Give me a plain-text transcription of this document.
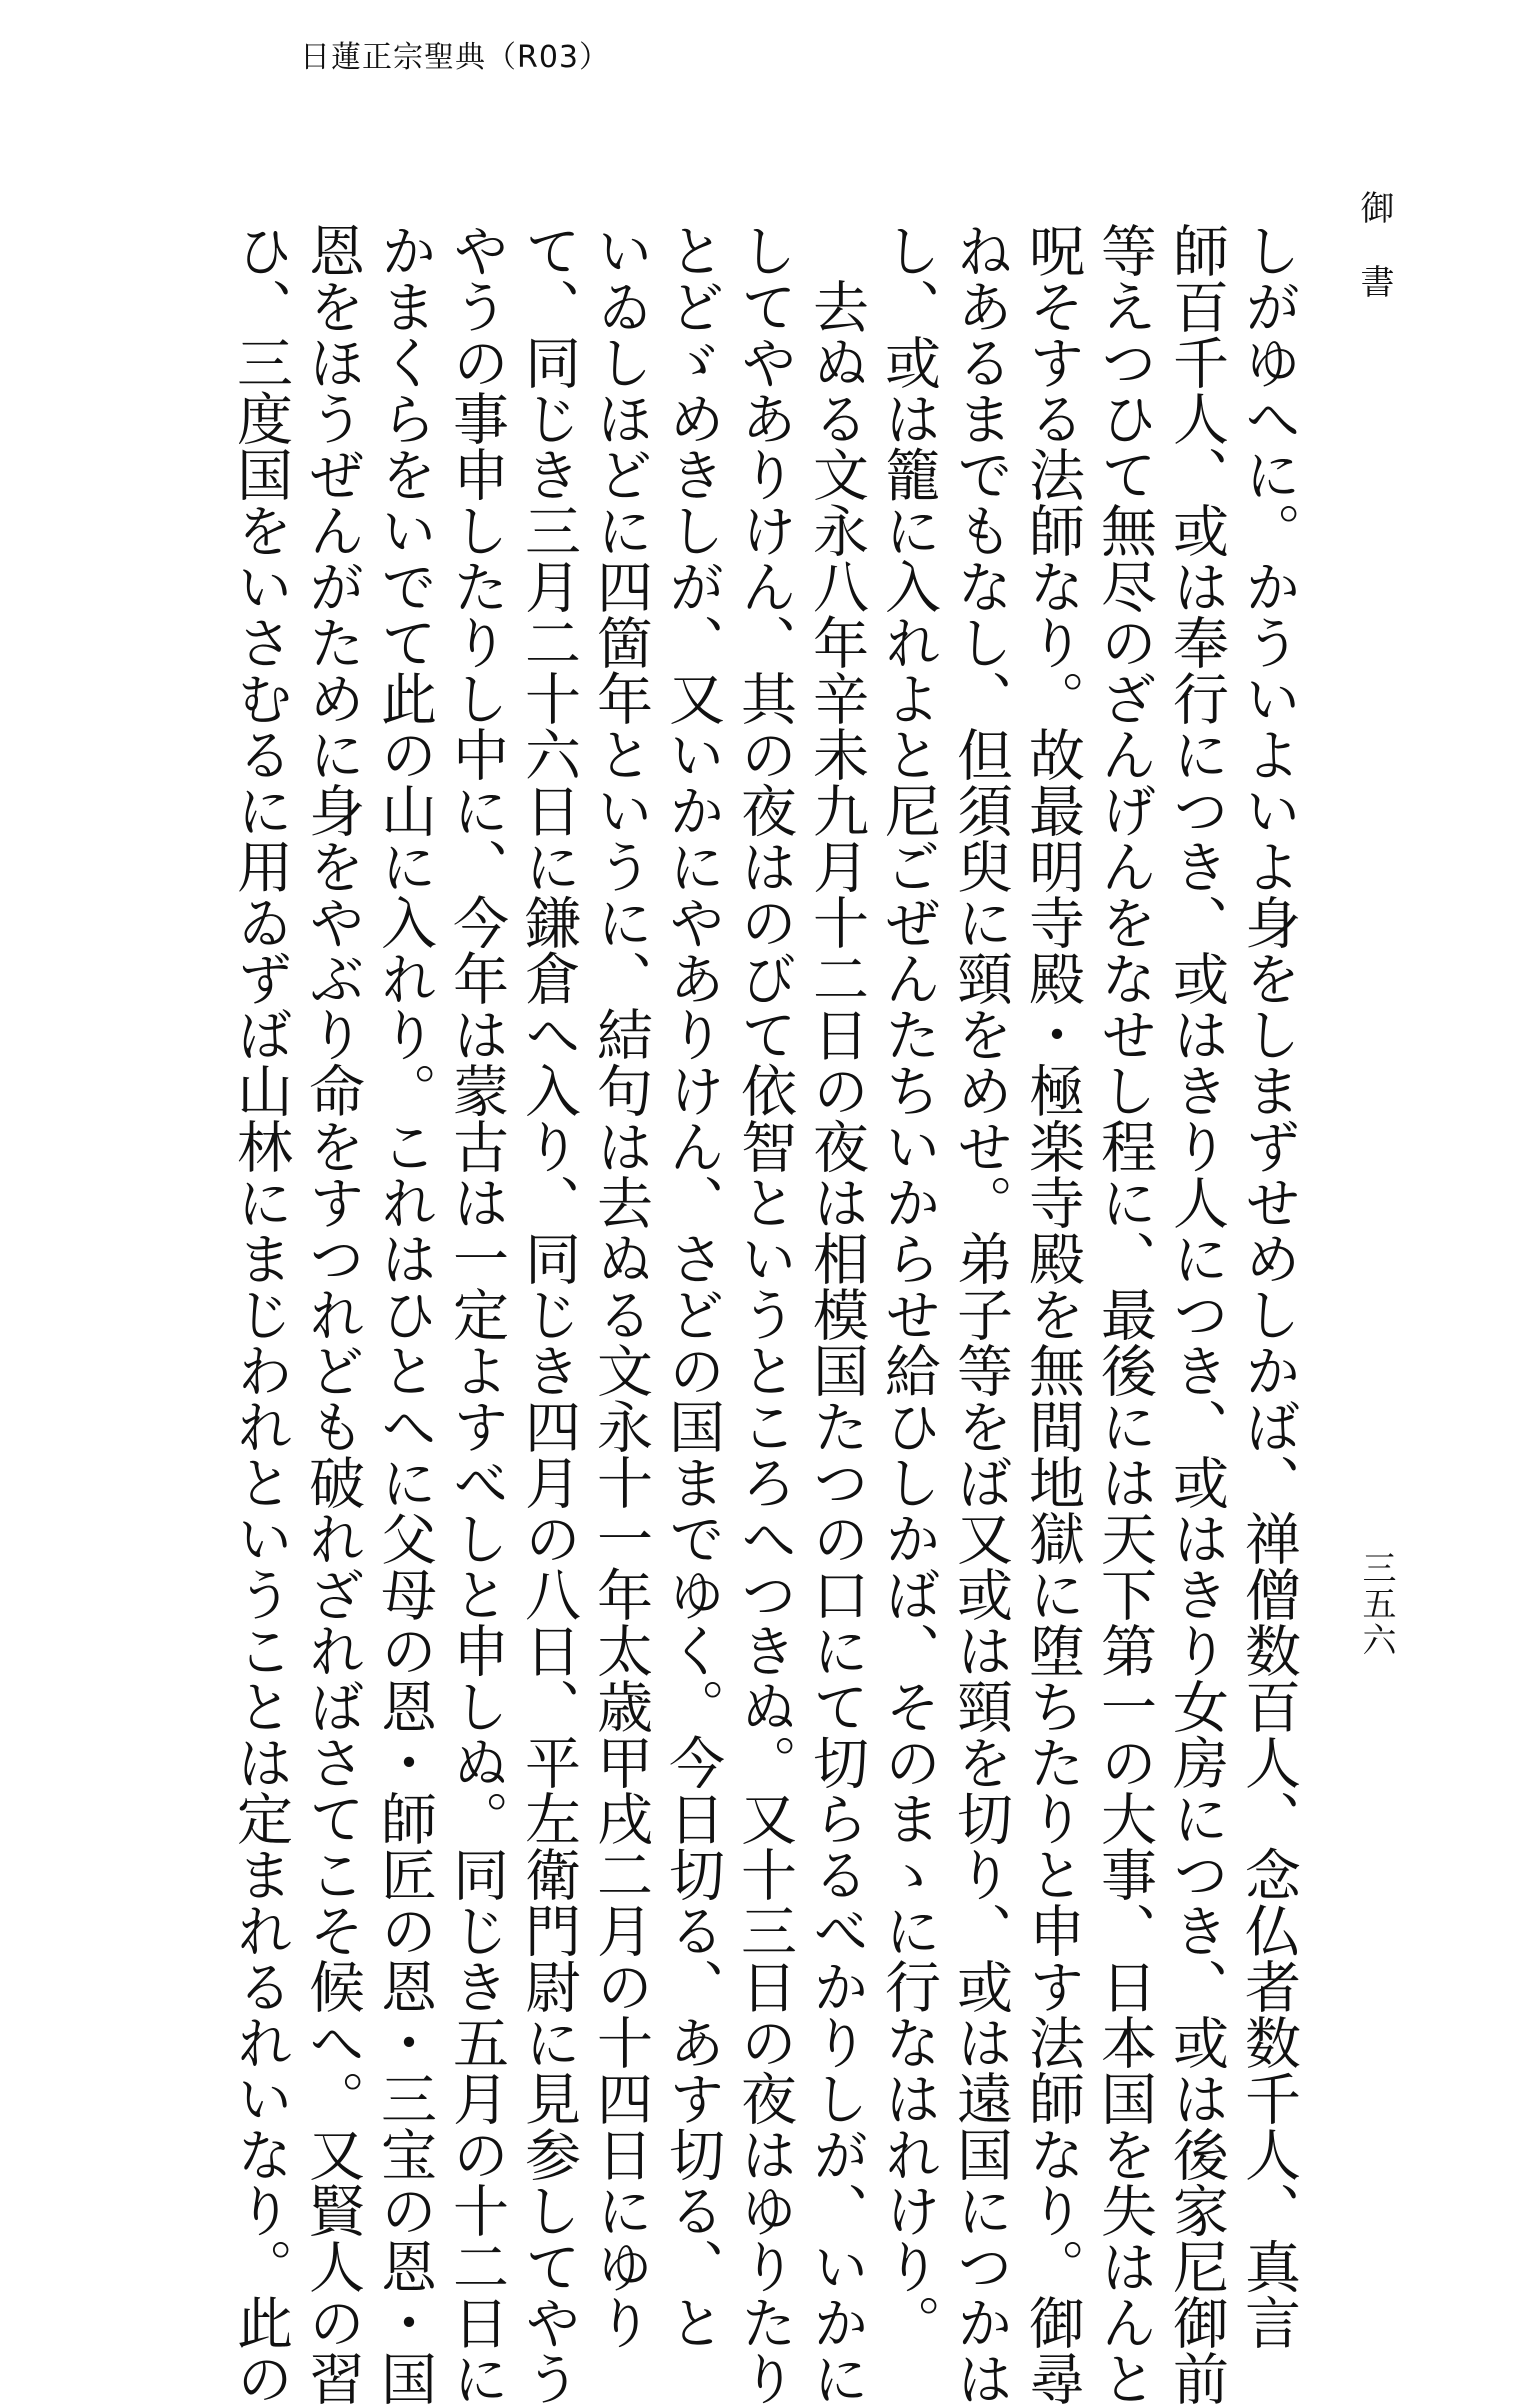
日蓮正宗聖典（R03）
御書
三五六

しがゆへに。かういよいよ身をしまずせめしかば、禅僧数百人、念仏者数千人、真言

師百千人、或は奉行につき、或はきり人につき、或はきり女房につき、或は後家尼御前

等えつひて無尽のざんげんをなせし程に、最後には天下第一の大事、日本国を失はんと

呪そする法師なり。故最明寺殿・極楽寺殿を無間地獄に堕ちたりと申す法師なり。御尋

ねあるまでもなし、但須臾に頸をめせ。弟子等をば又或は頸を切り、或は遠国につかは

し、或は籠に入れよと尼ごぜんたちいからせ給ひしかば、そのまゝに行なはれけり。

去ぬる文永八年辛未九月十二日の夜は相模国たつの口にて切らるべかりしが、いかに

してやありけん、其の夜はのびて依智というところへつきぬ。又十三日の夜はゆりたり

とどゞめきしが、又いかにやありけん、さどの国までゆく。今日切る、あす切る、と

いゐしほどに四箇年というに、結句は去ぬる文永十一年太歳甲戌二月の十四日にゆり

て、同じき三月二十六日に鎌倉へ入り、同じき四月の八日、平左衛門尉に見参してやう

やうの事申したりし中に、今年は蒙古は一定よすべしと申しぬ。同じき五月の十二日に

かまくらをいでて此の山に入れり。これはひとへに父母の恩・師匠の恩・三宝の恩・国

恩をほうぜんがために身をやぶり命をすつれども破れざればさてこそ候へ。又賢人の習

ひ、三度国をいさむるに用ゐずば山林にまじわれということは定まれるれいなり。此の
